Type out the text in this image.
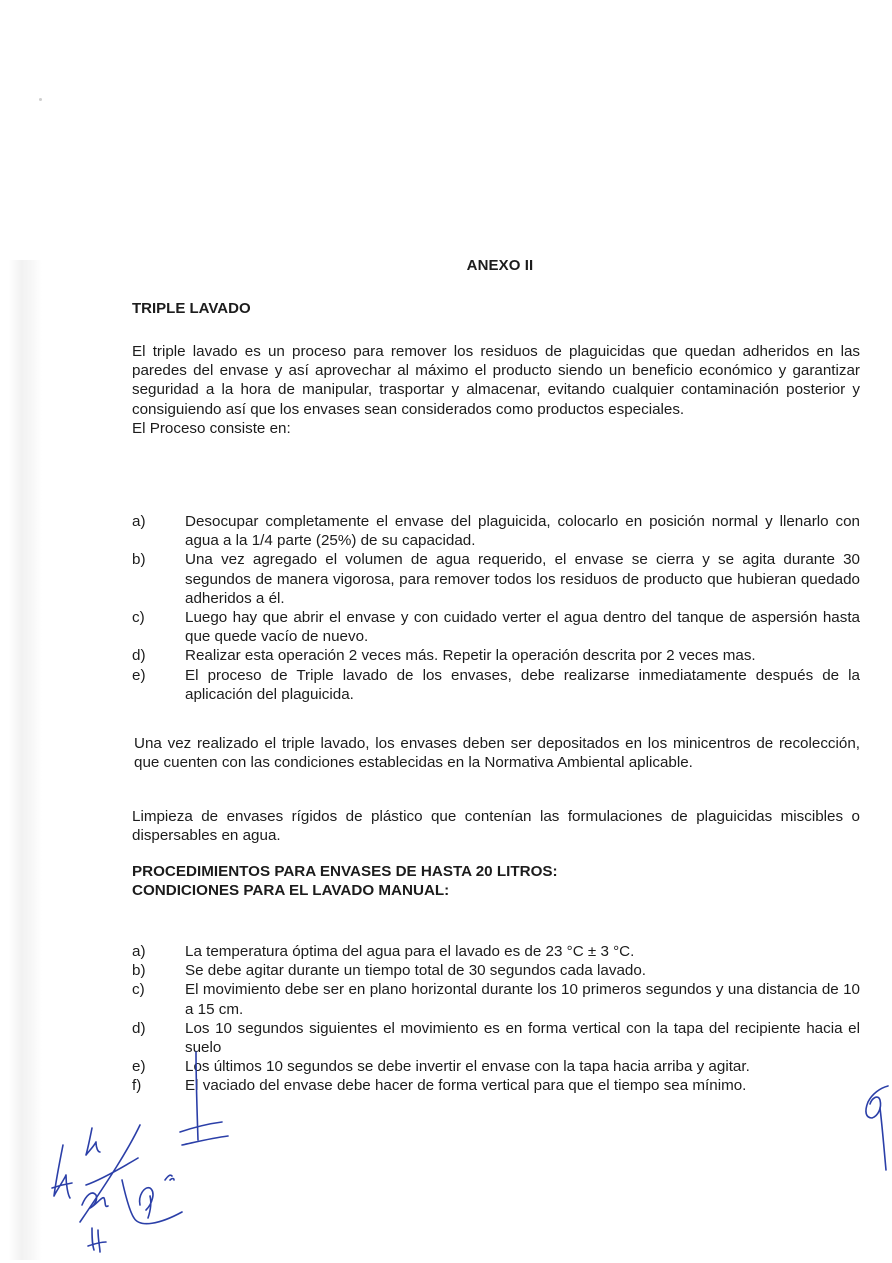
ANEXO II
TRIPLE LAVADO
El triple lavado es un proceso para remover los residuos de plaguicidas que quedan adheridos en las paredes del envase y así aprovechar al máximo el producto siendo un beneficio económico y garantizar seguridad a la hora de manipular, trasportar y almacenar, evitando cualquier contaminación posterior y consiguiendo así que los envases sean considerados como productos especiales.
El Proceso consiste en:
a)	Desocupar completamente el envase del plaguicida, colocarlo en posición normal y llenarlo con agua a la 1/4 parte (25%) de su capacidad.
b)	Una vez agregado el volumen de agua requerido, el envase se cierra y se agita durante 30 segundos de manera vigorosa, para remover todos los residuos de producto que hubieran quedado adheridos a él.
c)	Luego hay que abrir el envase y con cuidado verter el agua dentro del tanque de aspersión hasta que quede vacío de nuevo.
d)	Realizar esta operación 2 veces más. Repetir la operación descrita por 2 veces mas.
e)	El proceso de Triple lavado de los envases, debe realizarse inmediatamente después de la aplicación del plaguicida.
Una vez realizado el triple lavado, los envases deben ser depositados en los minicentros de recolección, que cuenten con las condiciones establecidas en la Normativa Ambiental aplicable.
Limpieza de envases rígidos de plástico que contenían las formulaciones de plaguicidas miscibles o dispersables en agua.
PROCEDIMIENTOS PARA ENVASES DE HASTA 20 LITROS:
CONDICIONES PARA EL LAVADO MANUAL:
a)	La temperatura óptima del agua para el lavado es de 23 °C ± 3 °C.
b)	Se debe agitar durante un tiempo total de 30 segundos cada lavado.
c)	El movimiento debe ser en plano horizontal durante los 10 primeros segundos y una distancia de 10 a 15 cm.
d)	Los 10 segundos siguientes el movimiento es en forma vertical con la tapa del recipiente hacia el suelo
e)	Los últimos 10 segundos se debe invertir el envase con la tapa hacia arriba y agitar.
f)	El vaciado del envase debe hacer de forma vertical para que el tiempo sea mínimo.
